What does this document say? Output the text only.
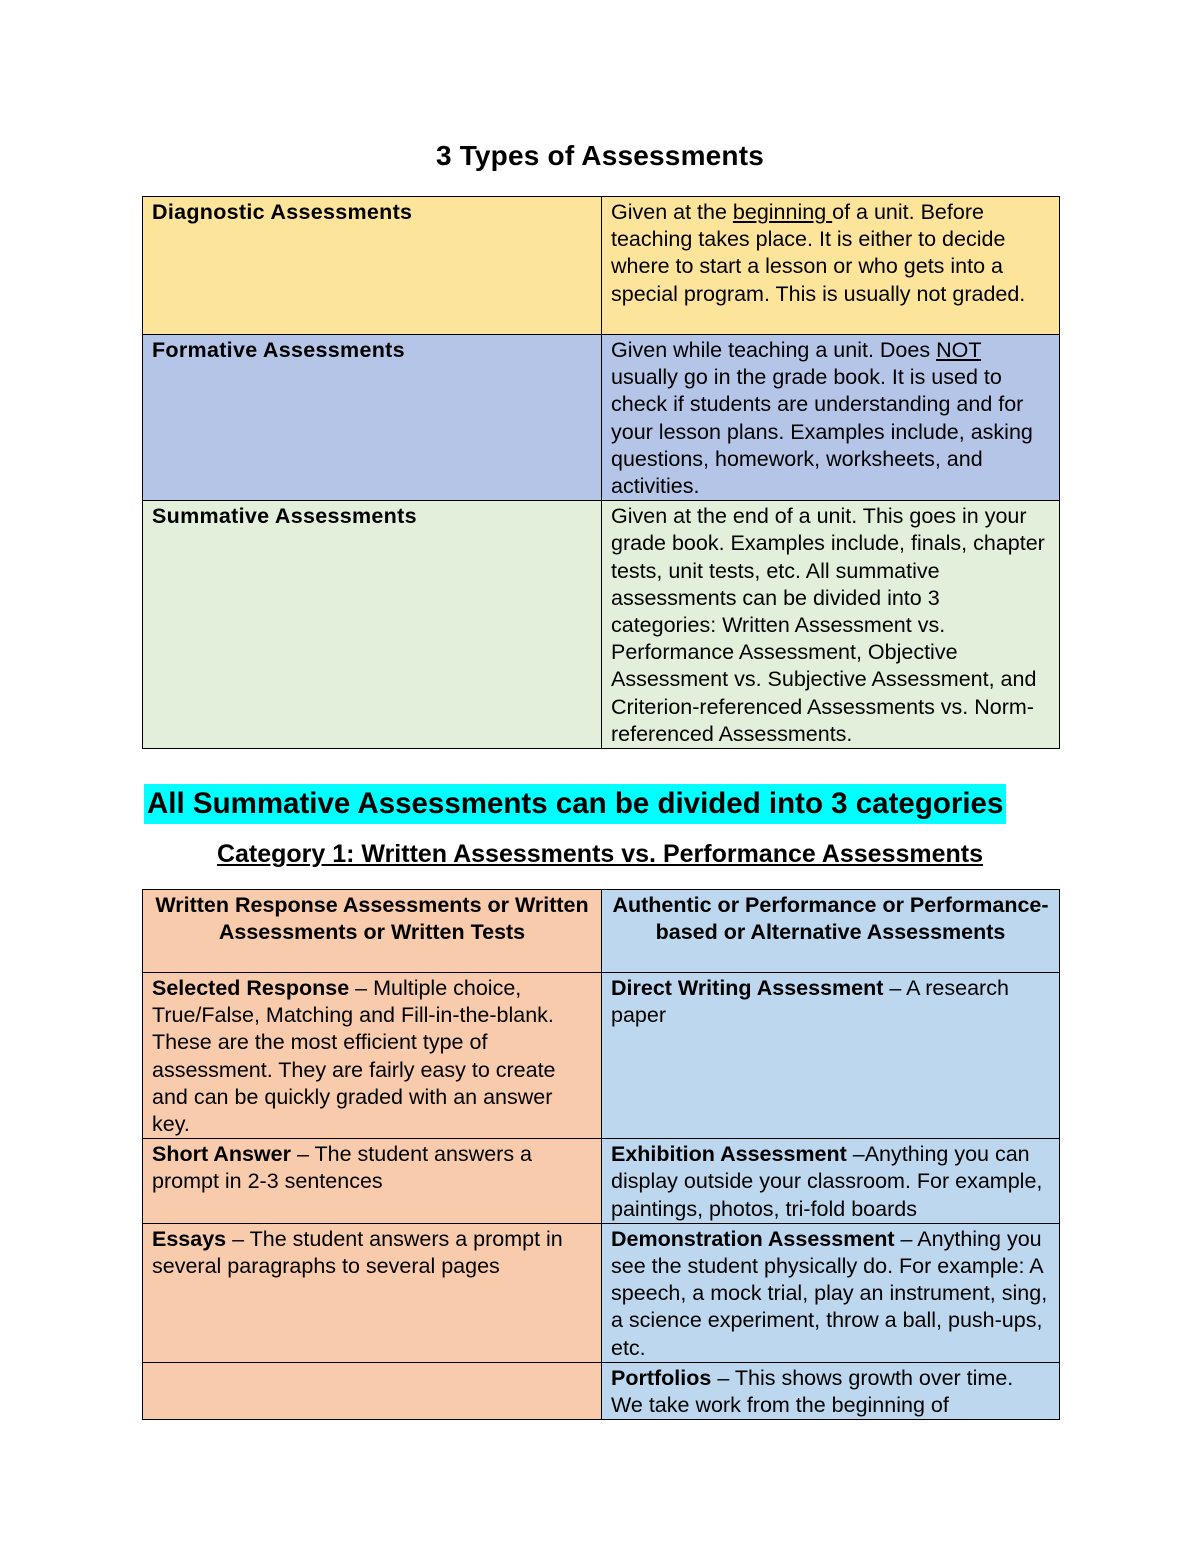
3 Types of Assessments
Diagnostic Assessments	Given at the beginning of a unit. Before teaching takes place. It is either to decide where to start a lesson or who gets into a special program. This is usually not graded.
Formative Assessments	Given while teaching a unit. Does NOT usually go in the grade book. It is used to check if students are understanding and for your lesson plans. Examples include, asking questions, homework, worksheets, and activities.
Summative Assessments	Given at the end of a unit. This goes in your grade book. Examples include, finals, chapter tests, unit tests, etc. All summative assessments can be divided into 3 categories: Written Assessment vs. Performance Assessment, Objective Assessment vs. Subjective Assessment, and Criterion-referenced Assessments vs. Norm-referenced Assessments.
All Summative Assessments can be divided into 3 categories
Category 1: Written Assessments vs. Performance Assessments
Written Response Assessments or Written Assessments or Written Tests	Authentic or Performance or Performance-based or Alternative Assessments
Selected Response – Multiple choice, True/False, Matching and Fill-in-the-blank. These are the most efficient type of assessment. They are fairly easy to create and can be quickly graded with an answer key.	Direct Writing Assessment – A research paper
Short Answer – The student answers a prompt in 2-3 sentences	Exhibition Assessment –Anything you can display outside your classroom. For example, paintings, photos, tri-fold boards
Essays – The student answers a prompt in several paragraphs to several pages	Demonstration Assessment – Anything you see the student physically do. For example: A speech, a mock trial, play an instrument, sing, a science experiment, throw a ball, push-ups, etc.
	Portfolios – This shows growth over time. We take work from the beginning of
